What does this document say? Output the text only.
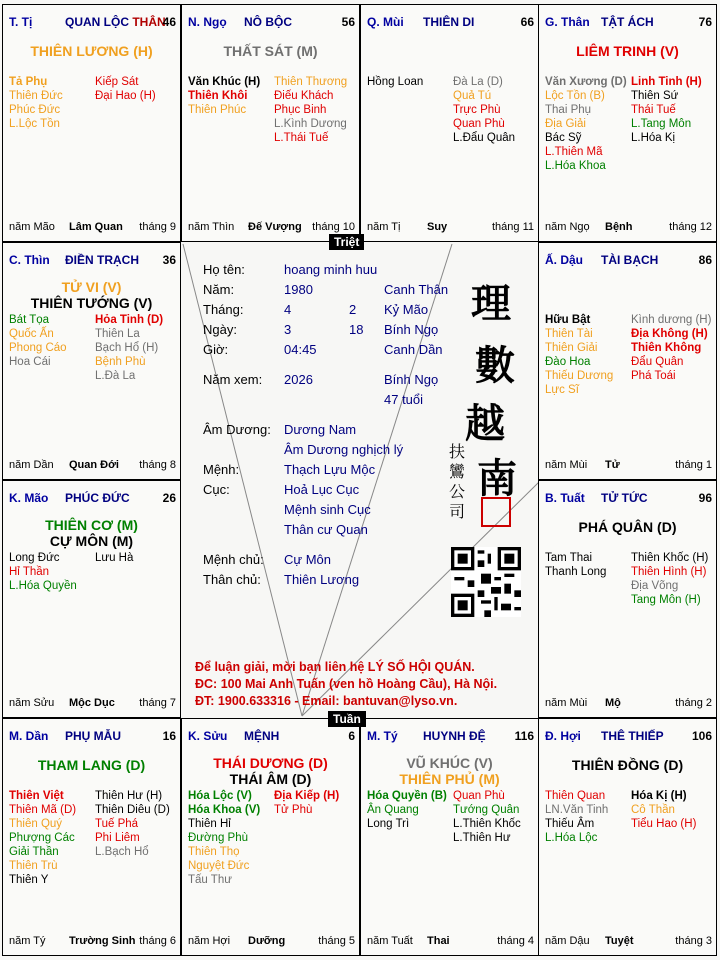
T. Tị	QUAN LỘC THÂN
46
THIÊN LƯƠNG (H)
Tả Phụ
Thiên Đức
Phúc Đức
L.Lộc Tồn
Kiếp Sát
Đại Hao (H)
năm Mão Lâm Quan tháng 9
N. Ngọ NÔ BỘC	56
THẤT SÁT (M)
Văn Khúc (H)
Thiên Khôi
Thiên Phúc
Thiên Thương
Điếu Khách
Phục Binh
L.Kình Dương
L.Thái Tuế
năm Thìn Đế Vượng tháng 10
Q. Mùi THIÊN DI	66
Hồng Loan	Đà La (D)
Quả Tú
Trực Phù
Quan Phù
L.Đẩu Quân
năm Tị Suy	tháng 11
G. Thân TẬT ÁCH	76
LIÊM TRINH (V)
Văn Xương (D)
Lộc Tồn (B)
Thai Phụ
Địa Giải
Bác Sỹ
L.Thiên Mã
L.Hóa Khoa
Linh Tinh (H)
Thiên Sứ
Thái Tuế
L.Tang Môn
L.Hóa Kị
năm Ngọ Bệnh	tháng 12
C. Thìn ĐIỀN TRẠCH 36
TỬ VI (V)
THIÊN TƯỚNG (V)
Bát Tọa
Quốc Ấn
Phong Cáo
Hoa Cái
Hỏa Tinh (D)
Thiên La
Bạch Hổ (H)
Bệnh Phù
L.Đà La
năm Dần Quan Đới tháng 8
Ấ. Dậu TÀI BẠCH	86
Hữu Bật
Thiên Tài
Thiên Giải
Đào Hoa
Thiếu Dương
Lực Sĩ
Kình dương (H)
Địa Không (H)
Thiên Không
Đẩu Quân
Phá Toái
năm Mùi Tử	tháng 1
K. Mão PHÚC ĐỨC	26
THIÊN CƠ (M)
CỰ MÔN (M)
Long Đức
Hỉ Thần
L.Hóa Quyền
Lưu Hà
năm Sửu Mộc Dục tháng 7
B. Tuất TỬ TỨC	96
PHÁ QUÂN (D)
Tam Thai
Thanh Long
Thiên Khốc (H)
Thiên Hình (H)
Địa Võng
Tang Môn (H)
năm Mùi Mộ	tháng 2
M. Dần PHỤ MẪU	16
THAM LANG (D)
Thiên Việt
Thiên Mã (D)
Thiên Quý
Phượng Các
Giải Thần
Thiên Trù
Thiên Y
Thiên Hư (H)
Thiên Diêu (D)
Tuế Phá
Phi Liêm
L.Bạch Hổ
năm Tý Trường Sinh tháng 6
K. Sửu MỆNH	6
THÁI DƯƠNG (D)
THÁI ÂM (D)
Hóa Lộc (V)
Hóa Khoa (V)
Thiên Hỉ
Đường Phù
Thiên Thọ
Nguyệt Đức
Tấu Thư
Địa Kiếp (H)
Tử Phù
năm Hợi Dưỡng	tháng 5
M. Tý HUYNH ĐỆ 116
VŨ KHÚC (V)
THIÊN PHỦ (M)
Hóa Quyền (B)
Ân Quang
Long Trì
Quan Phù
Tướng Quân
L.Thiên Khốc
L.Thiên Hư
năm Tuất Thai	tháng 4
Đ. Hợi THÊ THIẾP 106
THIÊN ĐỒNG (D)
Thiên Quan
LN.Văn Tinh
Thiếu Âm
L.Hóa Lộc
Hóa Kị (H)
Cô Thần
Tiểu Hao (H)
năm Dậu Tuyệt	tháng 3
Họ tên:	hoang minh huu
Năm:	1980	Canh Thân
Tháng:	4	2 Kỷ Mão
Ngày:	3	18 Bính Ngọ
Giờ:	04:45	Canh Dần
Năm xem: 2026	Bính Ngọ
47 tuổi
Âm Dương: Dương Nam
Âm Dương nghịch lý
Mệnh:	Thạch Lựu Mộc
Cục:	Hoả Lục Cục
Mệnh sinh Cục
Thân cư Quan
Mệnh chủ: Cự Môn
Thân chủ: Thiên Lương
理
數
越
南
扶
鸞
公
司
Để luận giải, mời bạn liên hệ LÝ SỐ HỘI QUÁN.
ĐC: 100 Mai Anh Tuấn (ven hồ Hoàng Cầu), Hà Nội.
ĐT: 1900.633316 - Email: bantuvan@lyso.vn.
Triệt
Tuần
